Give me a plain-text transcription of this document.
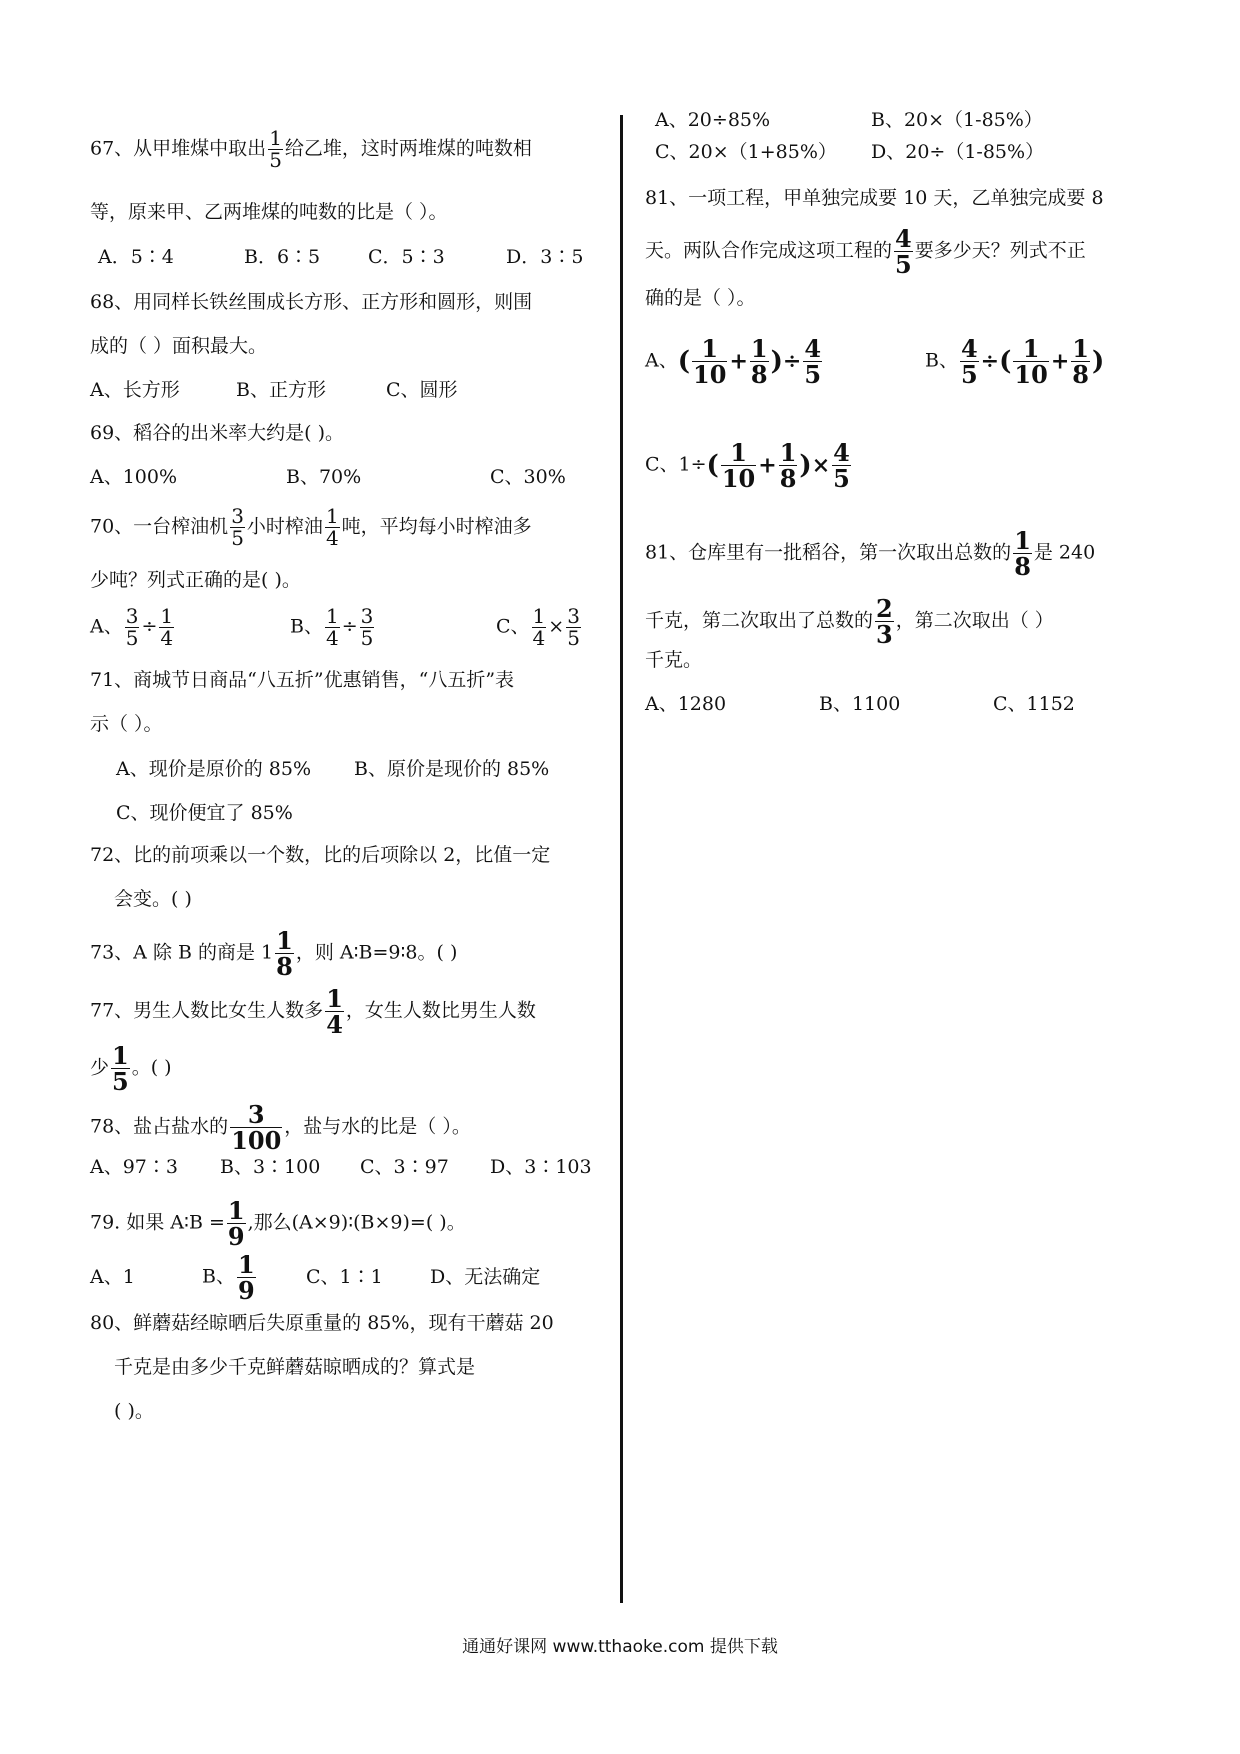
67、从甲堆煤中取出 $\frac{1}{5}$ 给乙堆，这时两堆煤的吨数相
等，原来甲、乙两堆煤的吨数的比是（ ）。
A．5∶4	B．6∶5	C．5∶3	D．3∶5
68、用同样长铁丝围成长方形、正方形和圆形，则围
成的（ ）面积最大。
A、长方形	B、正方形	C、圆形
69、稻谷的出米率大约是( )。
A、100%	B、70%	C、30%
70、一台榨油机 $\frac{3}{5}$ 小时榨油 $\frac{1}{4}$ 吨，平均每小时榨油多
少吨？列式正确的是( )。
A、 $\frac{3}{5} \div \frac{1}{4}$	B、 $\frac{1}{4} \div \frac{3}{5}$	C、 $\frac{1}{4} \times \frac{3}{5}$
71、商城节日商品“八五折”优惠销售，“八五折”表
示（ ）。
A、现价是原价的 85% B、原价是现价的 85%
C、现价便宜了 85%
72、比的前项乘以一个数，比的后项除以 2，比值一定
会变。( )
73、A 除 B 的商是 $1 \frac{1}{8}$ ，则 A∶B=9∶8。( )
77、男生人数比女生人数多 $\frac{1}{4}$ ，女生人数比男生人数
少 $\frac{1}{5}$ 。( )
78、盐占盐水的 $\frac{3}{100}$ ，盐与水的比是（ ）。
A、97∶3 B、3∶100 C、3∶97 D、3∶103
79. 如果 A∶B = $\frac{1}{9}$ ,那么(A×9)∶(B×9)=( )。
A、1	B、 $\frac{1}{9}$	C、1∶1 D、无法确定
80、鲜蘑菇经晾晒后失原重量的 85%，现有干蘑菇 20
千克是由多少千克鲜蘑菇晾晒成的？算式是
( )。
A、20÷85%	B、20×（1-85%）
C、20×（1+85%） D、20÷（1-85%）
81、一项工程，甲单独完成要 10 天，乙单独完成要 8
天。两队合作完成这项工程的 $\frac{4}{5}$ 要多少天？列式不正
确的是（ ）。
A、( $\frac{1}{10} + \frac{1}{8}$ )÷ $\frac{4}{5}$	B、 $\frac{4}{5}$ ÷( $\frac{1}{10} + \frac{1}{8}$ )
C、$1\div( \frac{1}{10} + \frac{1}{8}$ )× $\frac{4}{5}$
81、仓库里有一批稻谷，第一次取出总数的 $\frac{1}{8}$ 是 240
千克，第二次取出了总数的 $\frac{2}{3}$ ，第二次取出（ ）
千克。
A、1280	B、1100	C、1152
通通好课网 www.tthaoke.com 提供下载
